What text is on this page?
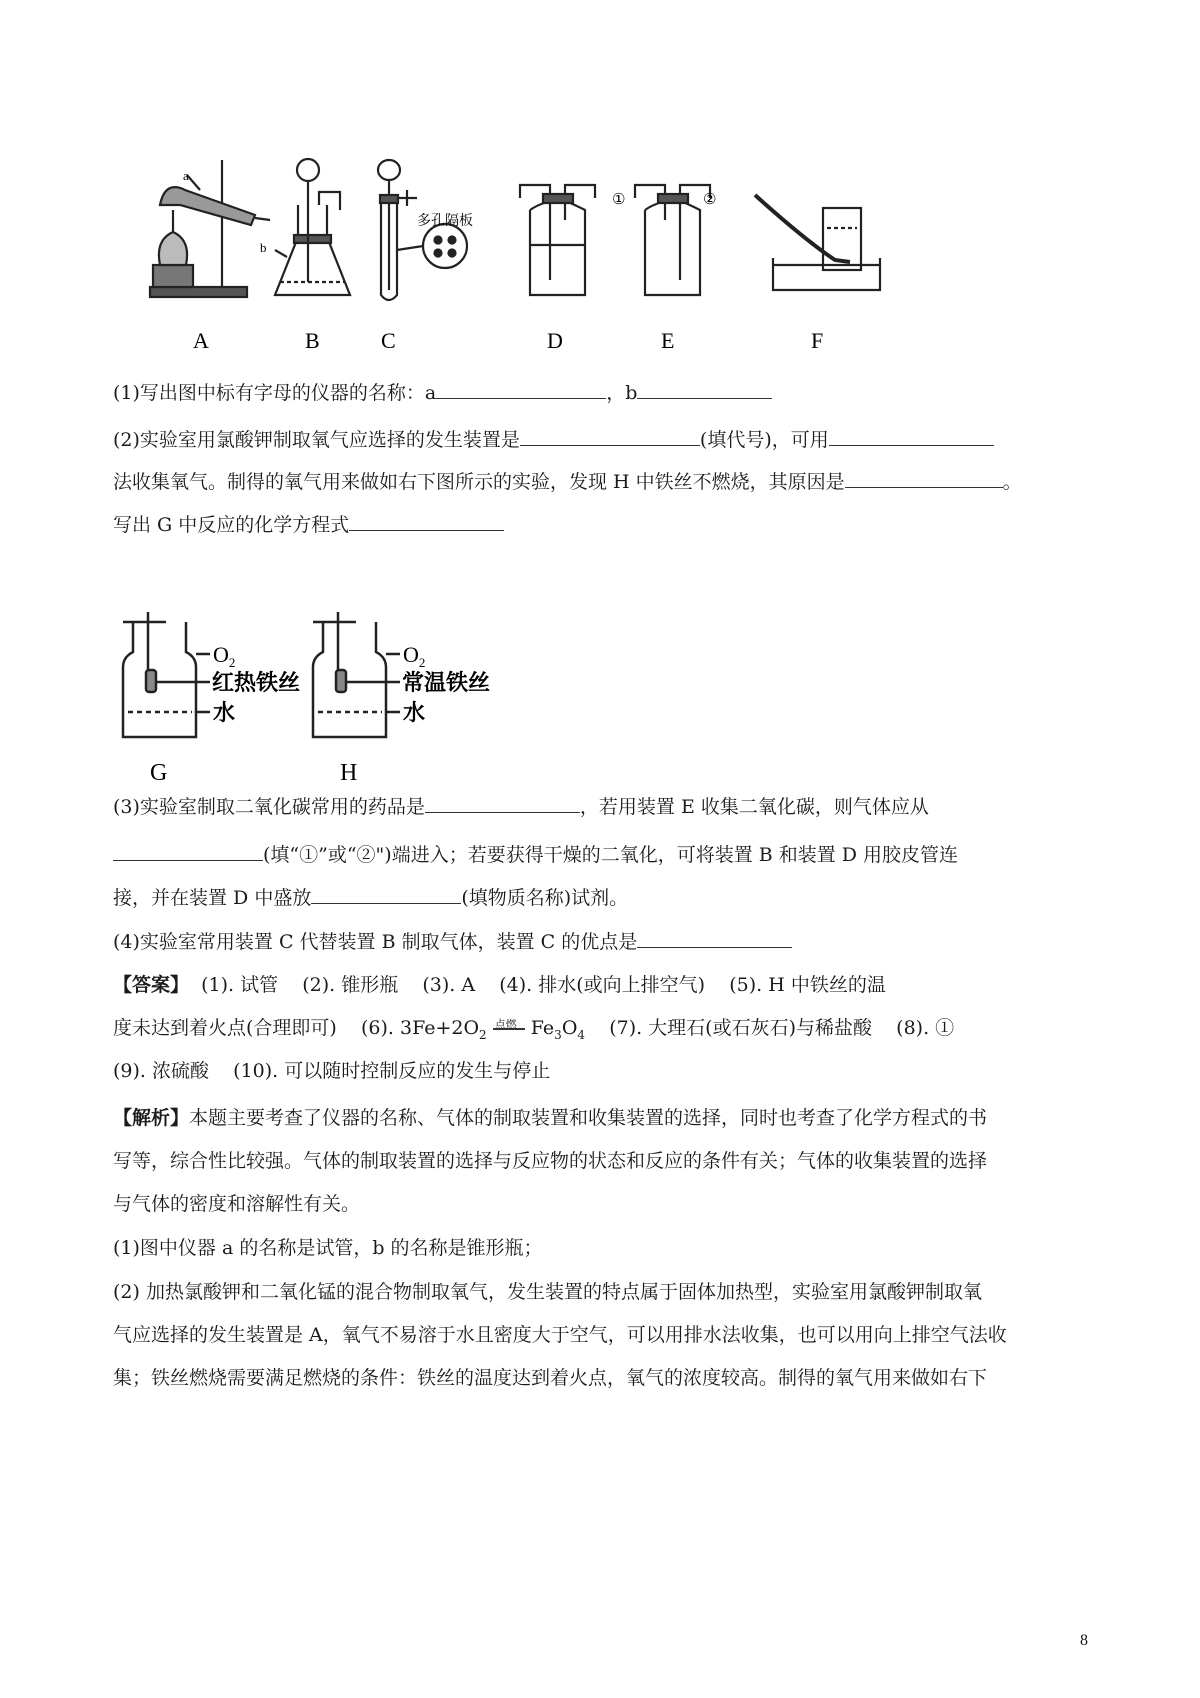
A	B	C	D	E	F
a
b
多孔隔板
①	②
(1)写出图中标有字母的仪器的名称：a	，b
(2)实验室用氯酸钾制取氧气应选择的发生装置是	(填代号)，可用
法收集氧气。制得的氧气用来做如右下图所示的实验，发现 H 中铁丝不燃烧，其原因是	。
写出 G 中反应的化学方程式
$O_2$
红热铁丝
水
G
$O_2$
常温铁丝
水
H
(3)实验室制取二氧化碳常用的药品是	，若用装置 E 收集二氧化碳，则气体应从
(填“①”或“②")端进入；若要获得干燥的二氧化，可将装置 B 和装置 D 用胶皮管连
接，并在装置 D 中盛放	(填物质名称)试剂。
(4)实验室常用装置 C 代替装置 B 制取气体，装置 C 的优点是
【答案】  (1). 试管    (2). 锥形瓶    (3). A    (4). 排水(或向上排空气)    (5). H 中铁丝的温
度未达到着火点(合理即可)    (6). $3Fe+2O_2$
点燃 $Fe_3O_4$    (7). 大理石(或石灰石)与稀盐酸    (8). ①
(9). 浓硫酸    (10). 可以随时控制反应的发生与停止
【解析】本题主要考查了仪器的名称、气体的制取装置和收集装置的选择，同时也考查了化学方程式的书
写等，综合性比较强。气体的制取装置的选择与反应物的状态和反应的条件有关；气体的收集装置的选择
与气体的密度和溶解性有关。
(1)图中仪器 a 的名称是试管，b 的名称是锥形瓶；
(2) 加热氯酸钾和二氧化锰的混合物制取氧气，发生装置的特点属于固体加热型，实验室用氯酸钾制取氧
气应选择的发生装置是 A，氧气不易溶于水且密度大于空气，可以用排水法收集，也可以用向上排空气法收
集；铁丝燃烧需要满足燃烧的条件：铁丝的温度达到着火点，氧气的浓度较高。制得的氧气用来做如右下
8
